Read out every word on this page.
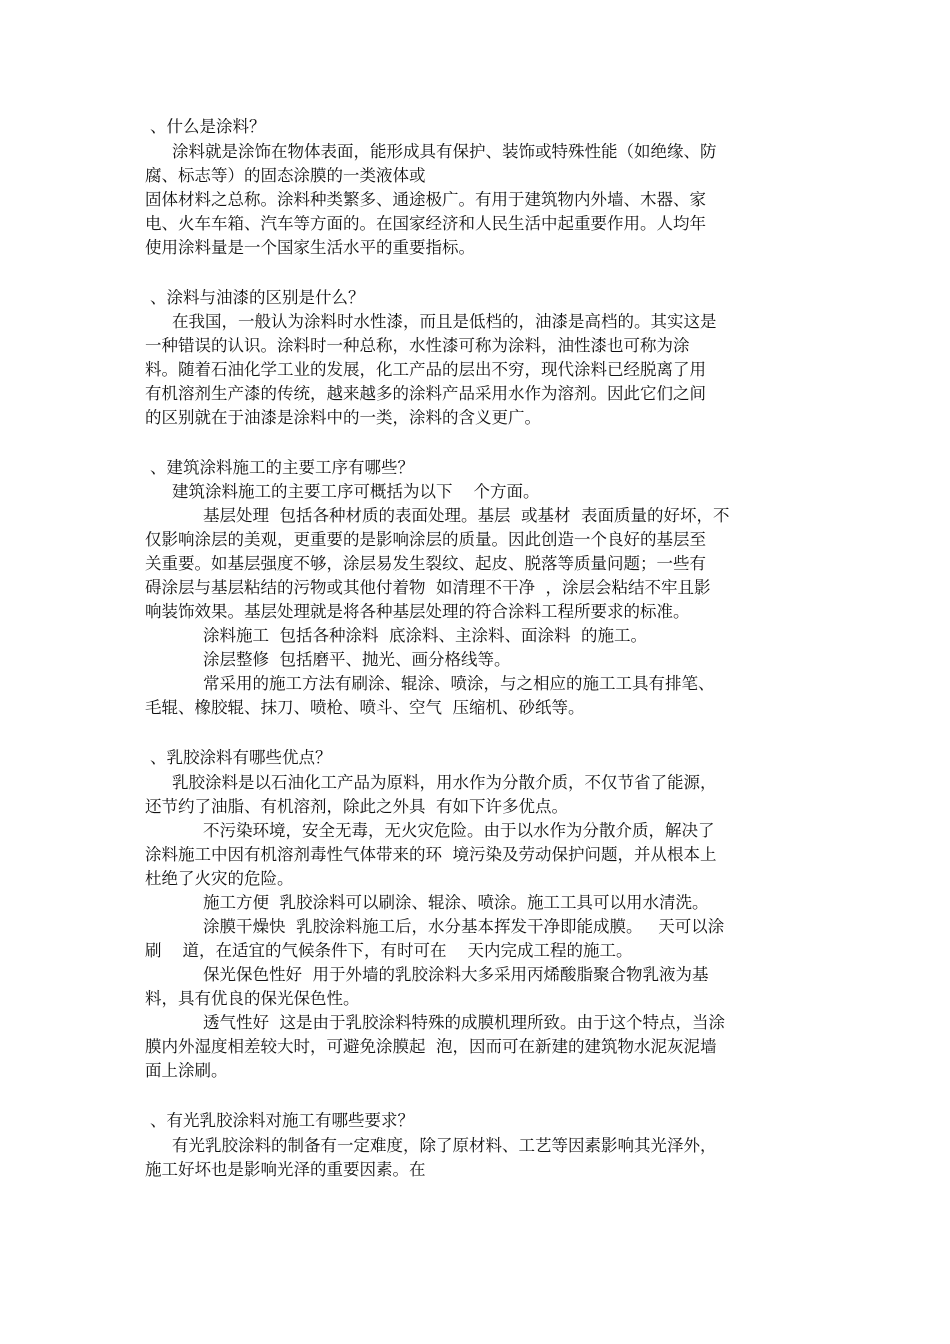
、什么是涂料？
涂料就是涂饰在物体表面，能形成具有保护、装饰或特殊性能（如绝缘、防
腐、标志等）的固态涂膜的一类液体或
固体材料之总称。涂料种类繁多、通途极广。有用于建筑物内外墙、木器、家
电、火车车箱、汽车等方面的。在国家经济和人民生活中起重要作用。人均年
使用涂料量是一个国家生活水平的重要指标。
、涂料与油漆的区别是什么？
在我国，一般认为涂料时水性漆，而且是低档的，油漆是高档的。其实这是
一种错误的认识。涂料时一种总称，水性漆可称为涂料，油性漆也可称为涂
料。随着石油化学工业的发展，化工产品的层出不穷，现代涂料已经脱离了用
有机溶剂生产漆的传统，越来越多的涂料产品采用水作为溶剂。因此它们之间
的区别就在于油漆是涂料中的一类，涂料的含义更广。
、建筑涂料施工的主要工序有哪些？
建筑涂料施工的主要工序可概括为以下    个方面。
基层处理  包括各种材质的表面处理。基层  或基材  表面质量的好坏，不
仅影响涂层的美观，更重要的是影响涂层的质量。因此创造一个良好的基层至
关重要。如基层强度不够，涂层易发生裂纹、起皮、脱落等质量问题；一些有
碍涂层与基层粘结的污物或其他付着物  如清理不干净  ，涂层会粘结不牢且影
响装饰效果。基层处理就是将各种基层处理的符合涂料工程所要求的标准。
涂料施工  包括各种涂料  底涂料、主涂料、面涂料  的施工。
涂层整修  包括磨平、抛光、画分格线等。
常采用的施工方法有刷涂、辊涂、喷涂，与之相应的施工工具有排笔、
毛辊、橡胶辊、抹刀、喷枪、喷斗、空气  压缩机、砂纸等。
、乳胶涂料有哪些优点？
乳胶涂料是以石油化工产品为原料，用水作为分散介质，不仅节省了能源，
还节约了油脂、有机溶剂，除此之外具  有如下许多优点。
不污染环境，安全无毒，无火灾危险。由于以水作为分散介质，解决了
涂料施工中因有机溶剂毒性气体带来的环  境污染及劳动保护问题，并从根本上
杜绝了火灾的危险。
施工方便  乳胶涂料可以刷涂、辊涂、喷涂。施工工具可以用水清洗。
涂膜干燥快  乳胶涂料施工后，水分基本挥发干净即能成膜。   天可以涂
刷    道，在适宜的气候条件下，有时可在    天内完成工程的施工。
保光保色性好  用于外墙的乳胶涂料大多采用丙烯酸脂聚合物乳液为基
料，具有优良的保光保色性。
透气性好  这是由于乳胶涂料特殊的成膜机理所致。由于这个特点，当涂
膜内外湿度相差较大时，可避免涂膜起  泡，因而可在新建的建筑物水泥灰泥墙
面上涂刷。
、有光乳胶涂料对施工有哪些要求？
有光乳胶涂料的制备有一定难度，除了原材料、工艺等因素影响其光泽外，
施工好坏也是影响光泽的重要因素。在
